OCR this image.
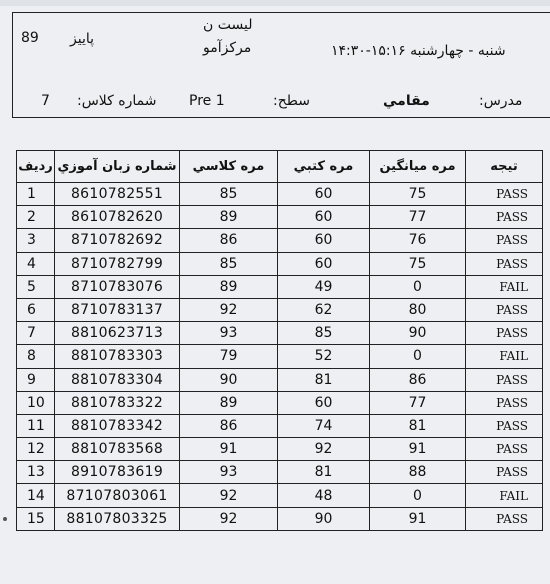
89 پاییز
لیست ن
مرکزآمو	شنبه - چهارشنبه ۱۵:۱۶-۱۴:۳۰
7 شماره کلاس: Pre 1	سطح:	مقامي	مدرس:
ردیف	شماره زبان آموزي	مره كلاسي	مره كتبي	مره ميانگين	تيجه
1	8610782551	85	60	75	PASS
2	8610782620	89	60	77	PASS
3	8710782692	86	60	76	PASS
4	8710782799	85	60	75	PASS
5	8710783076	89	49	0	FAIL
6	8710783137	92	62	80	PASS
7	8810623713	93	85	90	PASS
8	8810783303	79	52	0	FAIL
9	8810783304	90	81	86	PASS
10	8810783322	89	60	77	PASS
11	8810783342	86	74	81	PASS
12	8810783568	91	92	91	PASS
13	8910783619	93	81	88	PASS
14	87107803061	92	48	0	FAIL
15	88107803325	92	90	91	PASS
